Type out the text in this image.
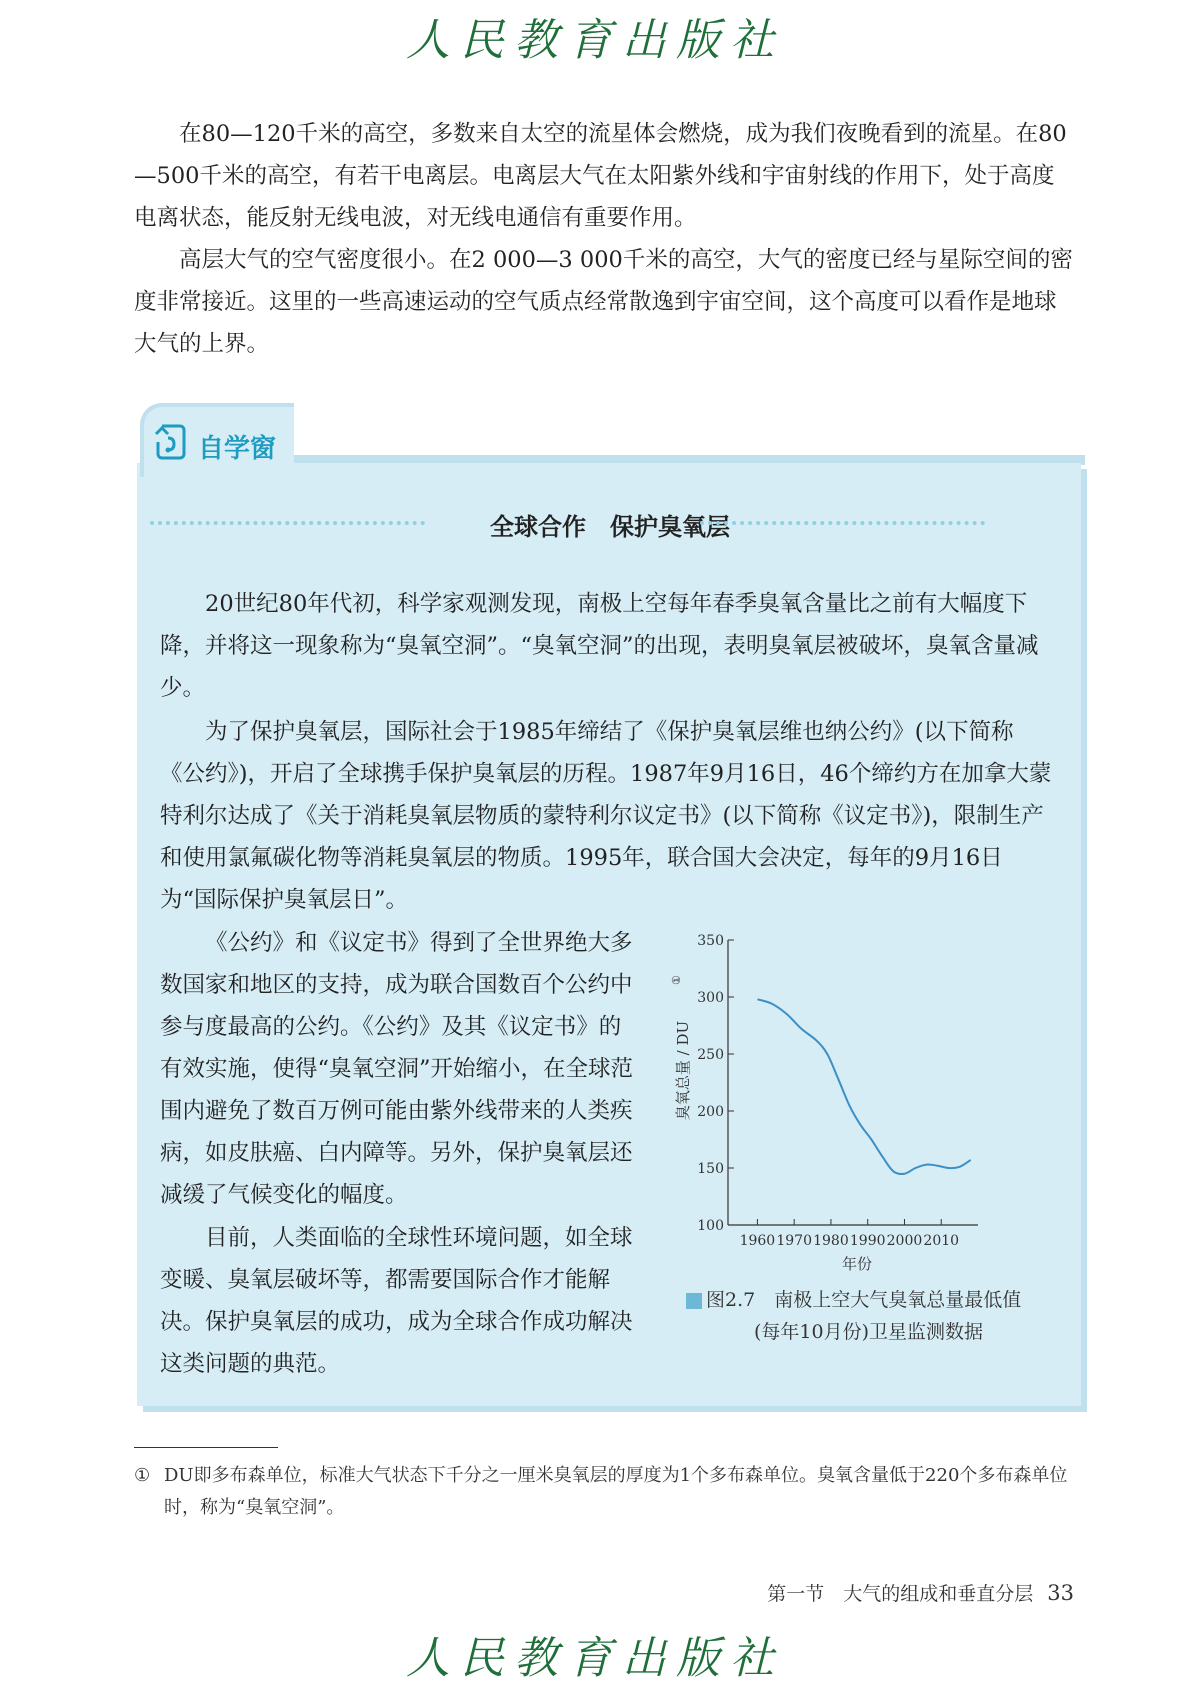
人民教育出版社

在80—120千米的高空，多数来自太空的流星体会燃烧，成为我们夜晚看到的流星。在80—500千米的高空，有若干电离层。电离层大气在太阳紫外线和宇宙射线的作用下，处于高度电离状态，能反射无线电波，对无线电通信有重要作用。

高层大气的空气密度很小。在2 000—3 000千米的高空，大气的密度已经与星际空间的密度非常接近。这里的一些高速运动的空气质点经常散逸到宇宙空间，这个高度可以看作是地球大气的上界。

自学窗
全球合作　保护臭氧层

20世纪80年代初，科学家观测发现，南极上空每年春季臭氧含量比之前有大幅度下降，并将这一现象称为“臭氧空洞”。“臭氧空洞”的出现，表明臭氧层被破坏，臭氧含量减少。

为了保护臭氧层，国际社会于1985年缔结了《保护臭氧层维也纳公约》(以下简称《公约》)，开启了全球携手保护臭氧层的历程。1987年9月16日，46个缔约方在加拿大蒙特利尔达成了《关于消耗臭氧层物质的蒙特利尔议定书》(以下简称《议定书》)，限制生产和使用氯氟碳化物等消耗臭氧层的物质。1995年，联合国大会决定，每年的9月16日为“国际保护臭氧层日”。

《公约》和《议定书》得到了全世界绝大多数国家和地区的支持，成为联合国数百个公约中参与度最高的公约。《公约》及其《议定书》的有效实施，使得“臭氧空洞”开始缩小，在全球范围内避免了数百万例可能由紫外线带来的人类疾病，如皮肤癌、白内障等。另外，保护臭氧层还减缓了气候变化的幅度。

目前，人类面临的全球性环境问题，如全球变暖、臭氧层破坏等，都需要国际合作才能解决。保护臭氧层的成功，成为全球合作成功解决这类问题的典范。

100
150
200
250
300
350
1960 1970 1980 1990 2000 2010
年份
臭氧总量 / DU
①
图2.7　南极上空大气臭氧总量最低值
(每年10月份)卫星监测数据
① DU即多布森单位，标准大气状态下千分之一厘米臭氧层的厚度为1个多布森单位。臭氧含量低于220个多布森单位时，称为“臭氧空洞”。
第一节　大气的组成和垂直分层 33
人民教育出版社
